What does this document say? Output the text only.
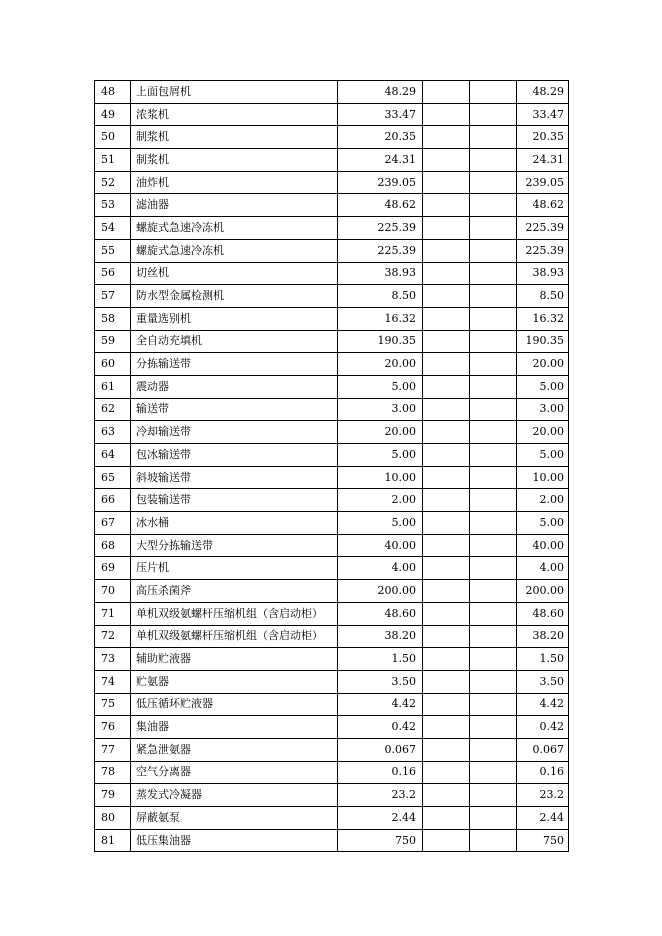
48	上面包屑机	48.29			48.29
49	浓浆机	33.47			33.47
50	制浆机	20.35			20.35
51	制浆机	24.31			24.31
52	油炸机	239.05			239.05
53	滤油器	48.62			48.62
54	螺旋式急速冷冻机	225.39			225.39
55	螺旋式急速冷冻机	225.39			225.39
56	切丝机	38.93			38.93
57	防水型金属检测机	8.50			8.50
58	重量选别机	16.32			16.32
59	全自动充填机	190.35			190.35
60	分拣输送带	20.00			20.00
61	震动器	5.00			5.00
62	输送带	3.00			3.00
63	冷却输送带	20.00			20.00
64	包冰输送带	5.00			5.00
65	斜坡输送带	10.00			10.00
66	包装输送带	2.00			2.00
67	冰水桶	5.00			5.00
68	大型分拣输送带	40.00			40.00
69	压片机	4.00			4.00
70	高压杀菌斧	200.00			200.00
71	单机双级氨螺杆压缩机组（含启动柜）	48.60			48.60
72	单机双级氨螺杆压缩机组（含启动柜）	38.20			38.20
73	辅助贮液器	1.50			1.50
74	贮氨器	3.50			3.50
75	低压循环贮液器	4.42			4.42
76	集油器	0.42			0.42
77	紧急泄氨器	0.067			0.067
78	空气分离器	0.16			0.16
79	蒸发式冷凝器	23.2			23.2
80	屏蔽氨泵	2.44			2.44
81	低压集油器	750			750
